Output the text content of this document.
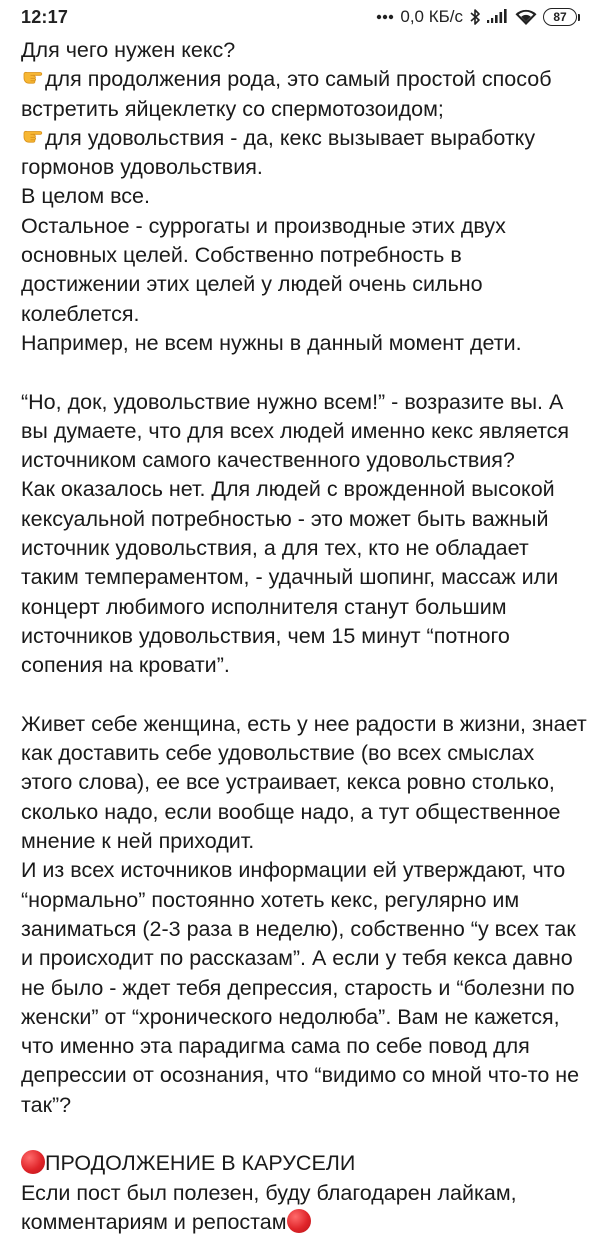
12:17	0,0 КБ/с	87
Для чего нужен кекс?
для продолжения рода, это самый простой способ
встретить яйцеклетку со спермотозоидом;
для удовольствия - да, кекс вызывает выработку
гормонов удовольствия.
В целом все.
Остальное - суррогаты и производные этих двух
основных целей. Собственно потребность в
достижении этих целей у людей очень сильно
колеблется.
Например, не всем нужны в данный момент дети.
“Но, док, удовольствие нужно всем!” - возразите вы. А
вы думаете, что для всех людей именно кекс является
источником самого качественного удовольствия?
Как оказалось нет. Для людей с врожденной высокой
кексуальной потребностью - это может быть важный
источник удовольствия, а для тех, кто не обладает
таким темпераментом, - удачный шопинг, массаж или
концерт любимого исполнителя станут большим
источников удовольствия, чем 15 минут “потного
сопения на кровати”.
Живет себе женщина, есть у нее радости в жизни, знает
как доставить себе удовольствие (во всех смыслах
этого слова), ее все устраивает, кекса ровно столько,
сколько надо, если вообще надо, а тут общественное
мнение к ней приходит.
И из всех источников информации ей утверждают, что
“нормально” постоянно хотеть кекс, регулярно им
заниматься (2-3 раза в неделю), собственно “у всех так
и происходит по рассказам”. А если у тебя кекса давно
не было - ждет тебя депрессия, старость и “болезни по
женски” от “хронического недолюба”. Вам не кажется,
что именно эта парадигма сама по себе повод для
депрессии от осознания, что “видимо со мной что-то не
так”?
ПРОДОЛЖЕНИЕ В КАРУСЕЛИ
Если пост был полезен, буду благодарен лайкам,
комментариям и репостам
